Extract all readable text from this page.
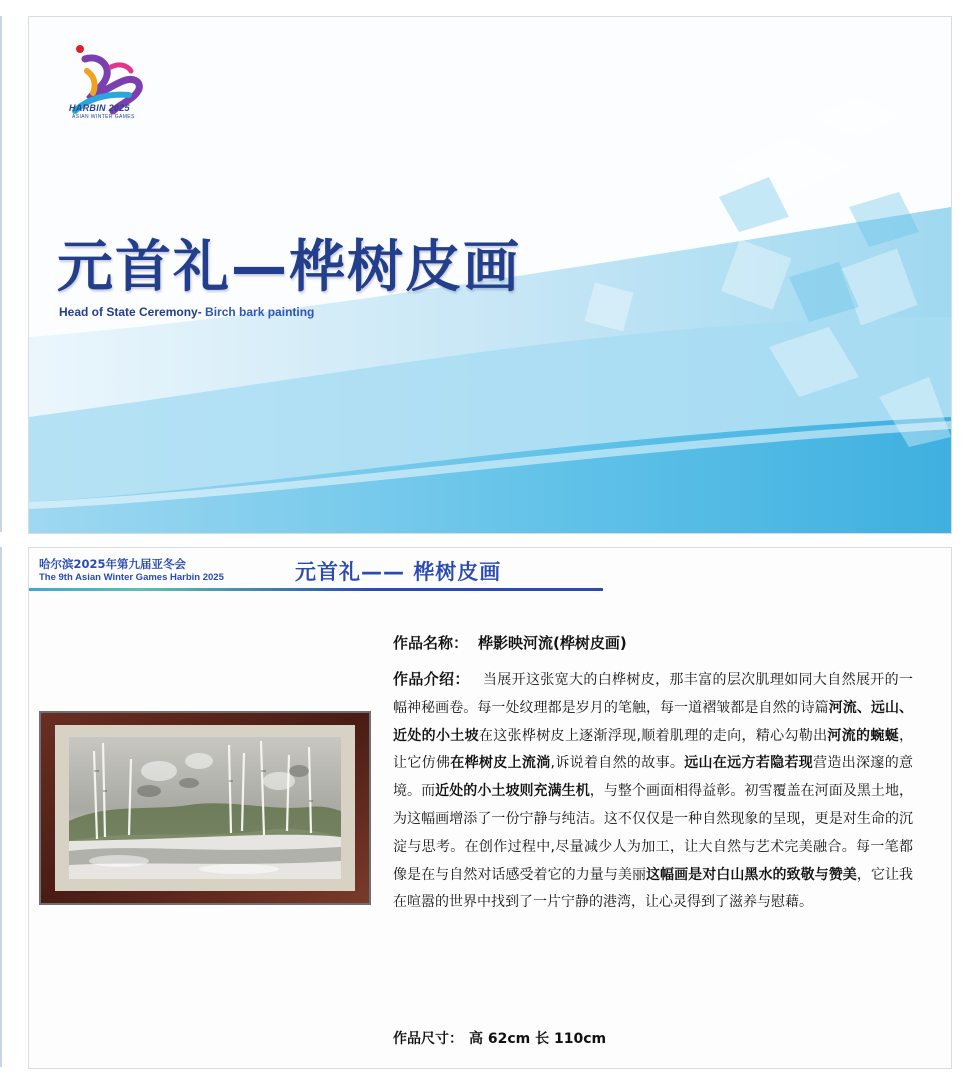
HARBIN 2025
ASIAN WINTER GAMES
元首礼—桦树皮画
Head of State Ceremony- Birch bark painting
哈尔滨2025年第九届亚冬会
The 9th Asian Winter Games Harbin 2025	元首礼—— 桦树皮画
作品名称： 桦影映河流(桦树皮画)
作品介绍： 当展开这张宽大的白桦树皮，那丰富的层次肌理如同大自然展开的一幅神秘画卷。每一处纹理都是岁月的笔触，每一道褶皱都是自然的诗篇河流、远山、近处的小土坡在这张桦树皮上逐渐浮现,顺着肌理的走向，精心勾勒出河流的蜿蜒，让它仿佛在桦树皮上流淌,诉说着自然的故事。远山在远方若隐若现营造出深邃的意境。而近处的小土坡则充满生机，与整个画面相得益彰。初雪覆盖在河面及黑土地，为这幅画增添了一份宁静与纯洁。这不仅仅是一种自然现象的呈现，更是对生命的沉淀与思考。在创作过程中,尽量减少人为加工，让大自然与艺术完美融合。每一笔都像是在与自然对话感受着它的力量与美丽这幅画是对白山黑水的致敬与赞美，它让我在喧嚣的世界中找到了一片宁静的港湾，让心灵得到了滋养与慰藉。
作品尺寸： 高 62cm 长 110cm
